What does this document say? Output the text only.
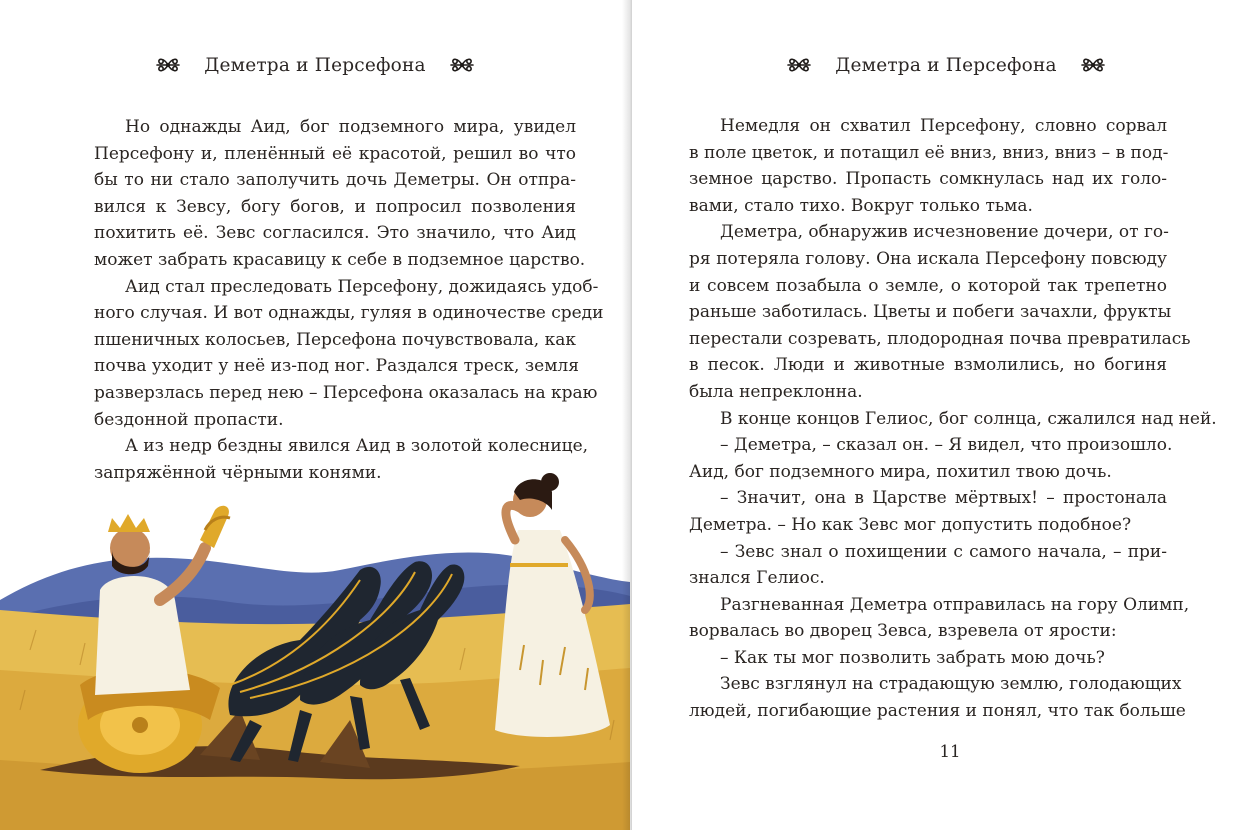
Деметра и Персефона
Но однажды Аид, бог подземного мира, увидел
Персефону и, пленённый её красотой, решил во что
бы то ни стало заполучить дочь Деметры. Он отпра-
вился к Зевсу, богу богов, и попросил позволения
похитить её. Зевс согласился. Это значило, что Аид
может забрать красавицу к себе в подземное царство.
Аид стал преследовать Персефону, дожидаясь удоб-
ного случая. И вот однажды, гуляя в одиночестве среди
пшеничных колосьев, Персефона почувствовала, как
почва уходит у неё из-под ног. Раздался треск, земля
разверзлась перед нею – Персефона оказалась на краю
бездонной пропасти.
А из недр бездны явился Аид в золотой колеснице,
запряжённой чёрными конями.
Деметра и Персефона
Немедля он схватил Персефону, словно сорвал
в поле цветок, и потащил её вниз, вниз, вниз – в под-
земное царство. Пропасть сомкнулась над их голо-
вами, стало тихо. Вокруг только тьма.
Деметра, обнаружив исчезновение дочери, от го-
ря потеряла голову. Она искала Персефону повсюду
и совсем позабыла о земле, о которой так трепетно
раньше заботилась. Цветы и побеги зачахли, фрукты
перестали созревать, плодородная почва превратилась
в песок. Люди и животные взмолились, но богиня
была непреклонна.
В конце концов Гелиос, бог солнца, сжалился над ней.
– Деметра, – сказал он. – Я видел, что произошло.
Аид, бог подземного мира, похитил твою дочь.
– Значит, она в Царстве мёртвых! – простонала
Деметра. – Но как Зевс мог допустить подобное?
– Зевс знал о похищении с самого начала, – при-
знался Гелиос.
Разгневанная Деметра отправилась на гору Олимп,
ворвалась во дворец Зевса, взревела от ярости:
– Как ты мог позволить забрать мою дочь?
Зевс взглянул на страдающую землю, голодающих
людей, погибающие растения и понял, что так больше
11
